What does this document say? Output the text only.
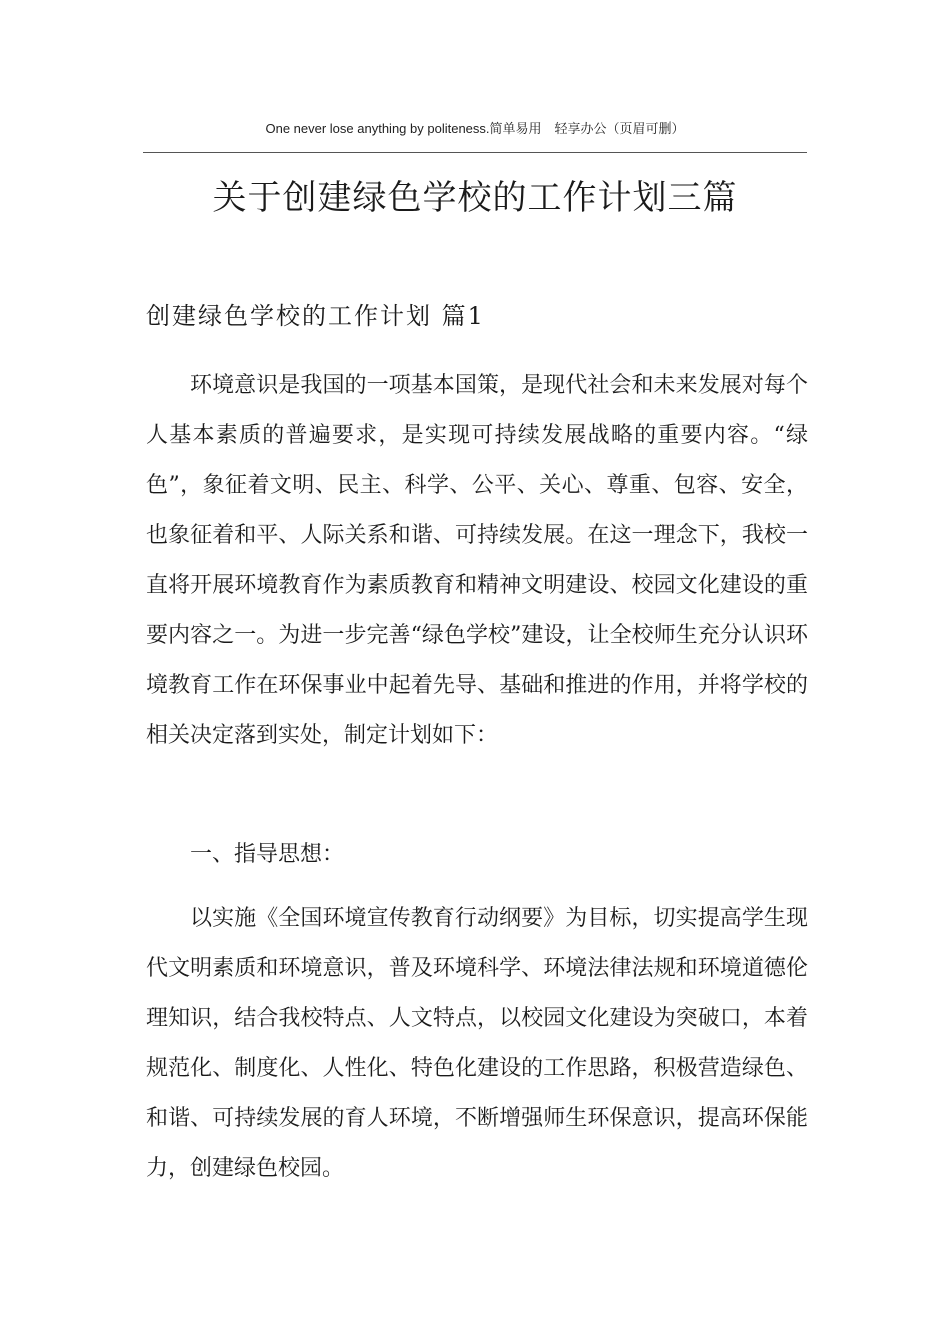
One never lose anything by politeness.简单易用　轻享办公（页眉可删）
关于创建绿色学校的工作计划三篇
创建绿色学校的工作计划 篇1

环境意识是我国的一项基本国策，是现代社会和未来发展对每个人基本素质的普遍要求，是实现可持续发展战略的重要内容。“绿色”，象征着文明、民主、科学、公平、关心、尊重、包容、安全，也象征着和平、人际关系和谐、可持续发展。在这一理念下，我校一直将开展环境教育作为素质教育和精神文明建设、校园文化建设的重要内容之一。为进一步完善“绿色学校”建设，让全校师生充分认识环境教育工作在环保事业中起着先导、基础和推进的作用，并将学校的相关决定落到实处，制定计划如下：

一、指导思想：

以实施《全国环境宣传教育行动纲要》为目标，切实提高学生现代文明素质和环境意识，普及环境科学、环境法律法规和环境道德伦理知识，结合我校特点、人文特点，以校园文化建设为突破口，本着规范化、制度化、人性化、特色化建设的工作思路，积极营造绿色、和谐、可持续发展的育人环境，不断增强师生环保意识，提高环保能力，创建绿色校园。
